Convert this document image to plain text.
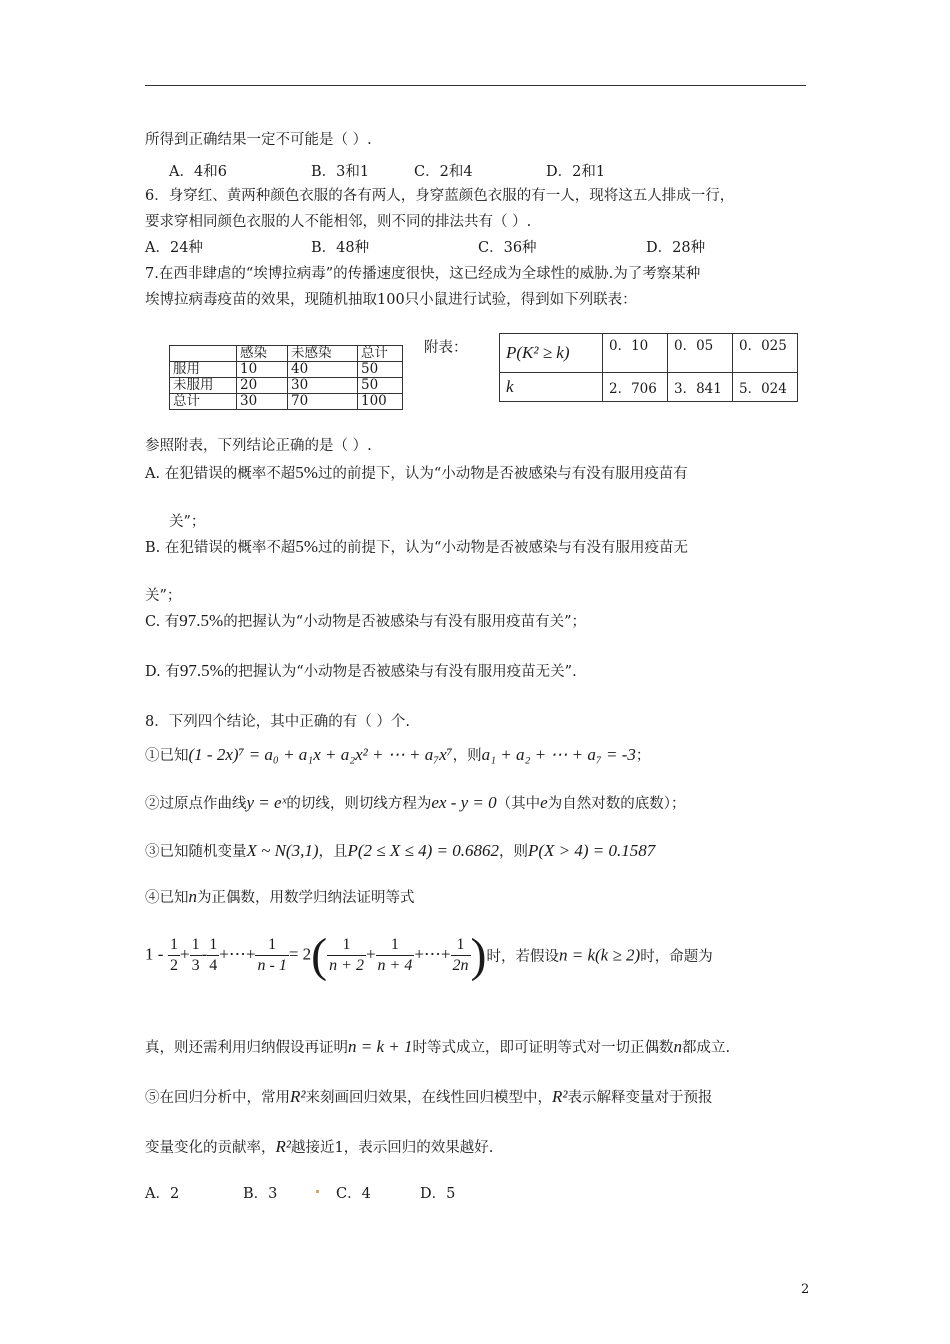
所得到正确结果一定不可能是（ ）.
A．4和6	B．3和1	C．2和4	D．2和1
6．身穿红、黄两种颜色衣服的各有两人，身穿蓝颜色衣服的有一人，现将这五人排成一行，
要求穿相同颜色衣服的人不能相邻，则不同的排法共有（ ）.
A．24种	B．48种	C．36种	D．28种
7.在西非肆虐的“埃博拉病毒”的传播速度很快，这已经成为全球性的威胁.为了考察某种
埃博拉病毒疫苗的效果，现随机抽取100只小鼠进行试验，得到如下列联表：
	感染	未感染	总计
服用	10	40	50
未服用	20	30	50
总计	30	70	100
附表： P(K² ≥ k)	0．10	0．05	0．025
k	2．706	3．841	5．024
参照附表，下列结论正确的是（ ）.
A. 在犯错误的概率不超5%过的前提下，认为“小动物是否被感染与有没有服用疫苗有
关”；
B. 在犯错误的概率不超5%过的前提下，认为“小动物是否被感染与有没有服用疫苗无
关”；
C. 有97.5%的把握认为“小动物是否被感染与有没有服用疫苗有关”；
D. 有97.5%的把握认为“小动物是否被感染与有没有服用疫苗无关”.
8．下列四个结论，其中正确的有（ ）个.
①已知(1 - 2x)⁷ = a₀ + a₁x + a₂x² + ⋯ + a₇x⁷，则a₁ + a₂ + ⋯ + a₇ = -3；
②过原点作曲线y = eˣ的切线，则切线方程为ex - y = 0（其中e为自然对数的底数）；
③已知随机变量X ~ N(3,1)，且P(2 ≤ X ≤ 4) = 0.6862，则P(X > 4) = 0.1587
④已知n为正偶数，用数学归纳法证明等式
$1 - \frac{1}{2} + \frac{1}{3} - \frac{1}{4}$ +⋯+ $\frac{1}{n - 1} = 2( \frac{1}{n + 2} + \frac{1}{n + 4}$ +⋯+ $\frac{1}{2n}$ )时，若假设n = k(k ≥ 2)时，命题为
真，则还需利用归纳假设再证明n = k + 1时等式成立，即可证明等式对一切正偶数n都成立.
⑤在回归分析中，常用R²来刻画回归效果，在线性回归模型中，R²表示解释变量对于预报
变量变化的贡献率，R²越接近1，表示回归的效果越好.
A．2	B．3	C．4	D．5
2
